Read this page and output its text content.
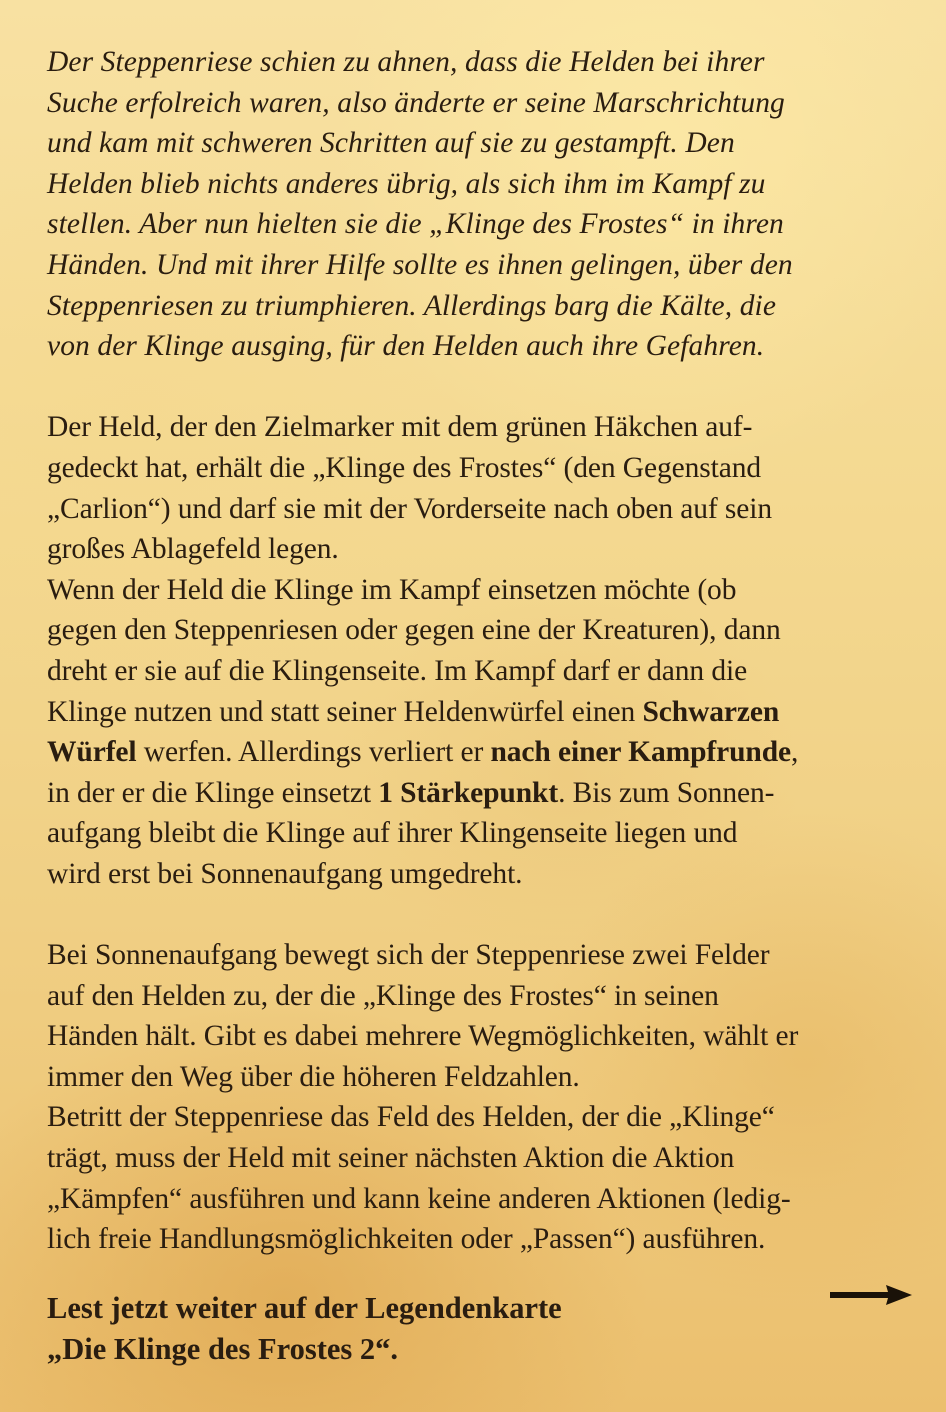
Der Steppenriese schien zu ahnen, dass die Helden bei ihrer
Suche erfolreich waren, also änderte er seine Marschrichtung
und kam mit schweren Schritten auf sie zu gestampft. Den
Helden blieb nichts anderes übrig, als sich ihm im Kampf zu
stellen. Aber nun hielten sie die „Klinge des Frostes“ in ihren
Händen. Und mit ihrer Hilfe sollte es ihnen gelingen, über den
Steppenriesen zu triumphieren. Allerdings barg die Kälte, die
von der Klinge ausging, für den Helden auch ihre Gefahren.
Der Held, der den Zielmarker mit dem grünen Häkchen auf-
gedeckt hat, erhält die „Klinge des Frostes“ (den Gegenstand
„Carlion“) und darf sie mit der Vorderseite nach oben auf sein
großes Ablagefeld legen.
Wenn der Held die Klinge im Kampf einsetzen möchte (ob
gegen den Steppenriesen oder gegen eine der Kreaturen), dann
dreht er sie auf die Klingenseite. Im Kampf darf er dann die
Klinge nutzen und statt seiner Heldenwürfel einen Schwarzen
Würfel werfen. Allerdings verliert er nach einer Kampfrunde,
in der er die Klinge einsetzt 1 Stärkepunkt. Bis zum Sonnen-
aufgang bleibt die Klinge auf ihrer Klingenseite liegen und
wird erst bei Sonnenaufgang umgedreht.
Bei Sonnenaufgang bewegt sich der Steppenriese zwei Felder
auf den Helden zu, der die „Klinge des Frostes“ in seinen
Händen hält. Gibt es dabei mehrere Wegmöglichkeiten, wählt er
immer den Weg über die höheren Feldzahlen.
Betritt der Steppenriese das Feld des Helden, der die „Klinge“
trägt, muss der Held mit seiner nächsten Aktion die Aktion
„Kämpfen“ ausführen und kann keine anderen Aktionen (ledig-
lich freie Handlungsmöglichkeiten oder „Passen“) ausführen.
Lest jetzt weiter auf der Legendenkarte
„Die Klinge des Frostes 2“.
